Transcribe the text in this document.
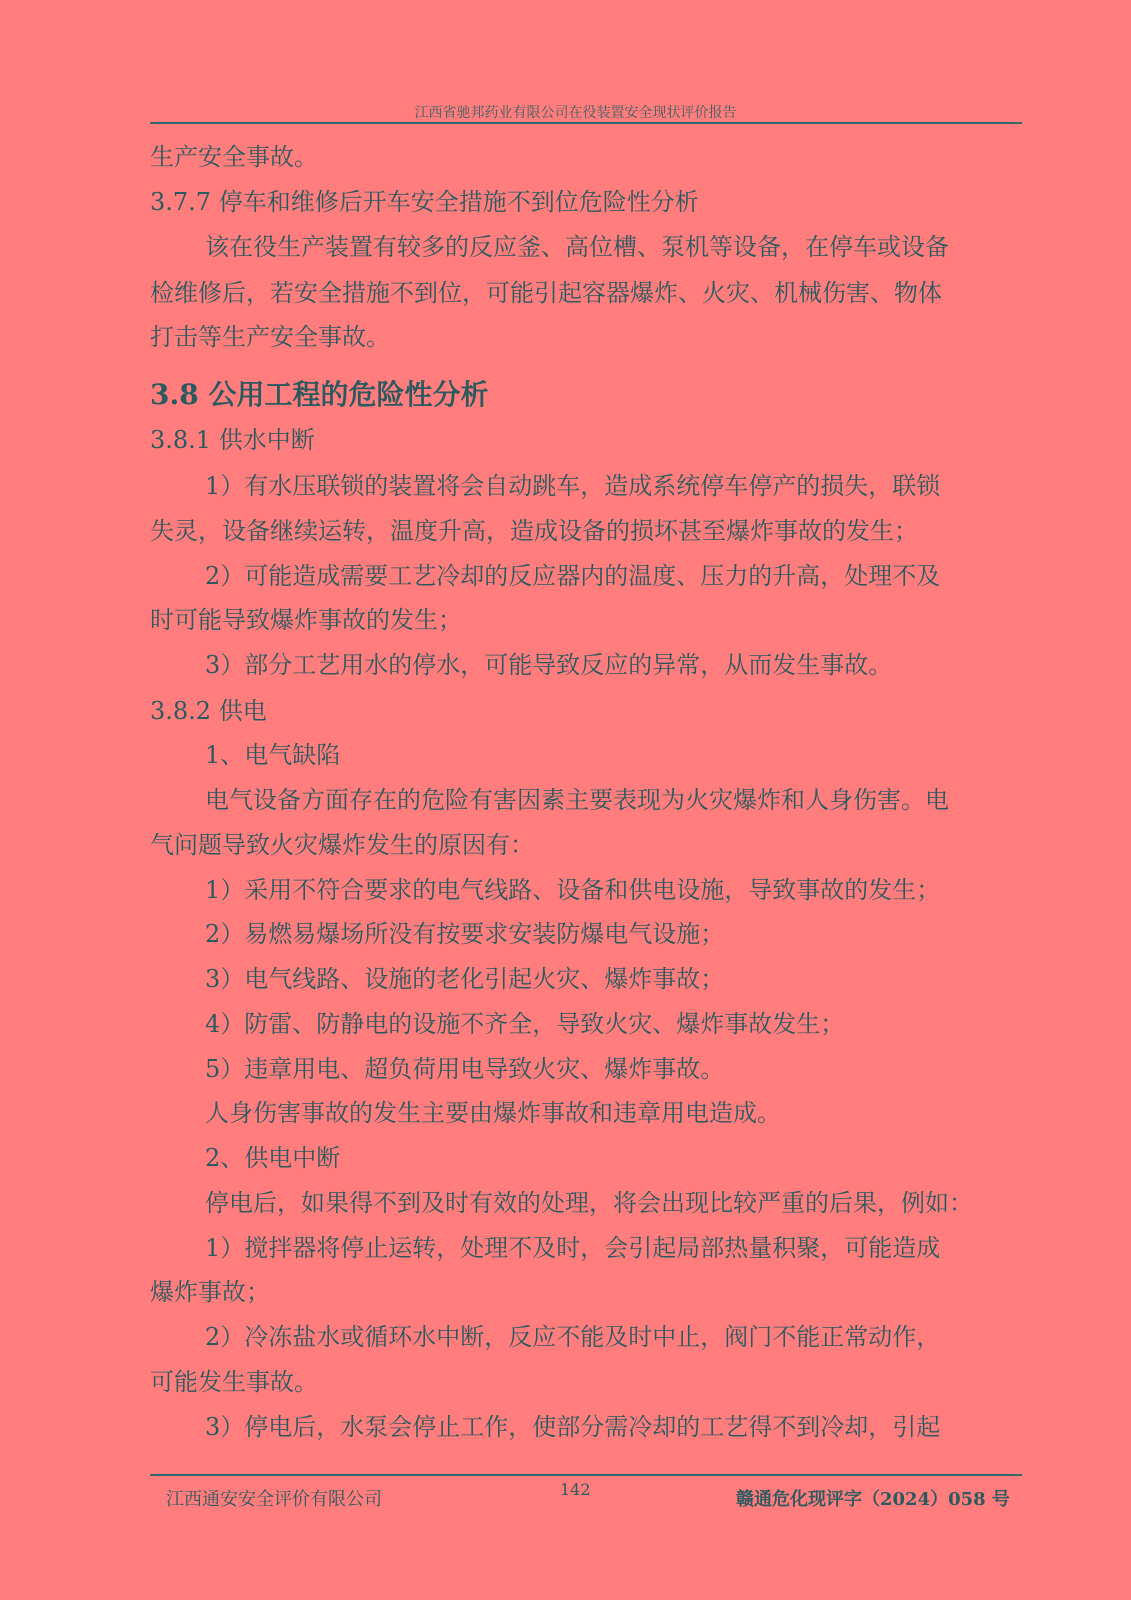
江西省驰邦药业有限公司在役装置安全现状评价报告
生产安全事故。
3.7.7 停车和维修后开车安全措施不到位危险性分析
该在役生产装置有较多的反应釜、高位槽、泵机等设备，在停车或设备
检维修后，若安全措施不到位，可能引起容器爆炸、火灾、机械伤害、物体
打击等生产安全事故。
3.8 公用工程的危险性分析
3.8.1 供水中断
1）有水压联锁的装置将会自动跳车，造成系统停车停产的损失，联锁
失灵，设备继续运转，温度升高，造成设备的损坏甚至爆炸事故的发生；
2）可能造成需要工艺冷却的反应器内的温度、压力的升高，处理不及
时可能导致爆炸事故的发生；
3）部分工艺用水的停水，可能导致反应的异常，从而发生事故。
3.8.2 供电
1、电气缺陷
电气设备方面存在的危险有害因素主要表现为火灾爆炸和人身伤害。电
气问题导致火灾爆炸发生的原因有：
1）采用不符合要求的电气线路、设备和供电设施，导致事故的发生；
2）易燃易爆场所没有按要求安装防爆电气设施；
3）电气线路、设施的老化引起火灾、爆炸事故；
4）防雷、防静电的设施不齐全，导致火灾、爆炸事故发生；
5）违章用电、超负荷用电导致火灾、爆炸事故。
人身伤害事故的发生主要由爆炸事故和违章用电造成。
2、供电中断
停电后，如果得不到及时有效的处理，将会出现比较严重的后果，例如：
1）搅拌器将停止运转，处理不及时，会引起局部热量积聚，可能造成
爆炸事故；
2）冷冻盐水或循环水中断，反应不能及时中止，阀门不能正常动作，
可能发生事故。
3）停电后，水泵会停止工作，使部分需冷却的工艺得不到冷却，引起
江西通安安全评价有限公司	142	赣通危化现评字（2024）058 号
